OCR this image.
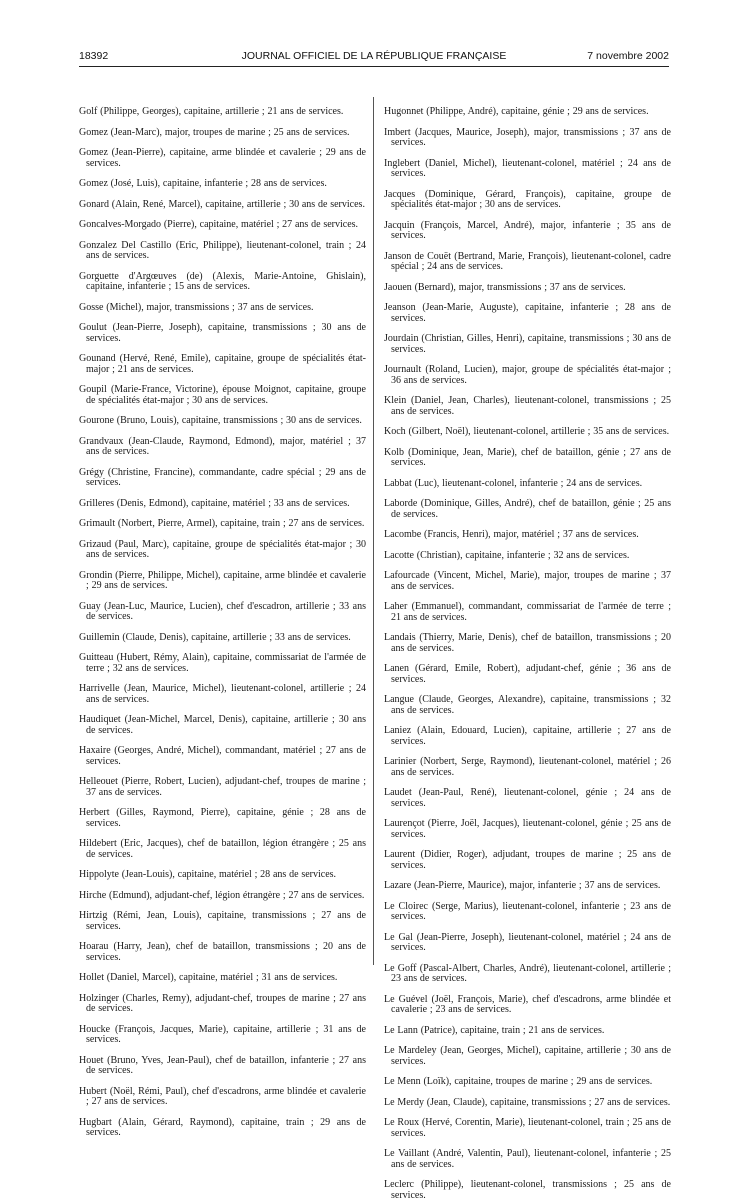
18392	JOURNAL OFFICIEL DE LA RÉPUBLIQUE FRANÇAISE	7 novembre 2002

Golf (Philippe, Georges), capitaine, artillerie ; 21 ans de services.

Gomez (Jean-Marc), major, troupes de marine ; 25 ans de services.

Gomez (Jean-Pierre), capitaine, arme blindée et cavalerie ; 29 ans de services.

Gomez (José, Luis), capitaine, infanterie ; 28 ans de services.

Gonard (Alain, René, Marcel), capitaine, artillerie ; 30 ans de services.

Goncalves-Morgado (Pierre), capitaine, matériel ; 27 ans de services.

Gonzalez Del Castillo (Eric, Philippe), lieutenant-colonel, train ; 24 ans de services.

Gorguette d'Argœuves (de) (Alexis, Marie-Antoine, Ghislain), capitaine, infanterie ; 15 ans de services.

Gosse (Michel), major, transmissions ; 37 ans de services.

Goulut (Jean-Pierre, Joseph), capitaine, transmissions ; 30 ans de services.

Gounand (Hervé, René, Emile), capitaine, groupe de spécialités état-major ; 21 ans de services.

Goupil (Marie-France, Victorine), épouse Moignot, capitaine, groupe de spécialités état-major ; 30 ans de services.

Gourone (Bruno, Louis), capitaine, transmissions ; 30 ans de services.

Grandvaux (Jean-Claude, Raymond, Edmond), major, matériel ; 37 ans de services.

Grégy (Christine, Francine), commandante, cadre spécial ; 29 ans de services.

Grilleres (Denis, Edmond), capitaine, matériel ; 33 ans de services.

Grimault (Norbert, Pierre, Armel), capitaine, train ; 27 ans de services.

Grizaud (Paul, Marc), capitaine, groupe de spécialités état-major ; 30 ans de services.

Grondin (Pierre, Philippe, Michel), capitaine, arme blindée et cavalerie ; 29 ans de services.

Guay (Jean-Luc, Maurice, Lucien), chef d'escadron, artillerie ; 33 ans de services.

Guillemin (Claude, Denis), capitaine, artillerie ; 33 ans de services.

Guitteau (Hubert, Rémy, Alain), capitaine, commissariat de l'armée de terre ; 32 ans de services.

Harrivelle (Jean, Maurice, Michel), lieutenant-colonel, artillerie ; 24 ans de services.

Haudiquet (Jean-Michel, Marcel, Denis), capitaine, artillerie ; 30 ans de services.

Haxaire (Georges, André, Michel), commandant, matériel ; 27 ans de services.

Helleouet (Pierre, Robert, Lucien), adjudant-chef, troupes de marine ; 37 ans de services.

Herbert (Gilles, Raymond, Pierre), capitaine, génie ; 28 ans de services.

Hildebert (Eric, Jacques), chef de bataillon, légion étrangère ; 25 ans de services.

Hippolyte (Jean-Louis), capitaine, matériel ; 28 ans de services.

Hirche (Edmund), adjudant-chef, légion étrangère ; 27 ans de services.

Hirtzig (Rémi, Jean, Louis), capitaine, transmissions ; 27 ans de services.

Hoarau (Harry, Jean), chef de bataillon, transmissions ; 20 ans de services.

Hollet (Daniel, Marcel), capitaine, matériel ; 31 ans de services.

Holzinger (Charles, Remy), adjudant-chef, troupes de marine ; 27 ans de services.

Houcke (François, Jacques, Marie), capitaine, artillerie ; 31 ans de services.

Houet (Bruno, Yves, Jean-Paul), chef de bataillon, infanterie ; 27 ans de services.

Hubert (Noël, Rémi, Paul), chef d'escadrons, arme blindée et cavalerie ; 27 ans de services.

Hugbart (Alain, Gérard, Raymond), capitaine, train ; 29 ans de services.

Hugonnet (Philippe, André), capitaine, génie ; 29 ans de services.

Imbert (Jacques, Maurice, Joseph), major, transmissions ; 37 ans de services.

Inglebert (Daniel, Michel), lieutenant-colonel, matériel ; 24 ans de services.

Jacques (Dominique, Gérard, François), capitaine, groupe de spécialités état-major ; 30 ans de services.

Jacquin (François, Marcel, André), major, infanterie ; 35 ans de services.

Janson de Couët (Bertrand, Marie, François), lieutenant-colonel, cadre spécial ; 24 ans de services.

Jaouen (Bernard), major, transmissions ; 37 ans de services.

Jeanson (Jean-Marie, Auguste), capitaine, infanterie ; 28 ans de services.

Jourdain (Christian, Gilles, Henri), capitaine, transmissions ; 30 ans de services.

Journault (Roland, Lucien), major, groupe de spécialités état-major ; 36 ans de services.

Klein (Daniel, Jean, Charles), lieutenant-colonel, transmissions ; 25 ans de services.

Koch (Gilbert, Noël), lieutenant-colonel, artillerie ; 35 ans de services.

Kolb (Dominique, Jean, Marie), chef de bataillon, génie ; 27 ans de services.

Labbat (Luc), lieutenant-colonel, infanterie ; 24 ans de services.

Laborde (Dominique, Gilles, André), chef de bataillon, génie ; 25 ans de services.

Lacombe (Francis, Henri), major, matériel ; 37 ans de services.

Lacotte (Christian), capitaine, infanterie ; 32 ans de services.

Lafourcade (Vincent, Michel, Marie), major, troupes de marine ; 37 ans de services.

Laher (Emmanuel), commandant, commissariat de l'armée de terre ; 21 ans de services.

Landais (Thierry, Marie, Denis), chef de bataillon, transmissions ; 20 ans de services.

Lanen (Gérard, Emile, Robert), adjudant-chef, génie ; 36 ans de services.

Langue (Claude, Georges, Alexandre), capitaine, transmissions ; 32 ans de services.

Laniez (Alain, Edouard, Lucien), capitaine, artillerie ; 27 ans de services.

Larinier (Norbert, Serge, Raymond), lieutenant-colonel, matériel ; 26 ans de services.

Laudet (Jean-Paul, René), lieutenant-colonel, génie ; 24 ans de services.

Laurençot (Pierre, Joël, Jacques), lieutenant-colonel, génie ; 25 ans de services.

Laurent (Didier, Roger), adjudant, troupes de marine ; 25 ans de services.

Lazare (Jean-Pierre, Maurice), major, infanterie ; 37 ans de services.

Le Cloirec (Serge, Marius), lieutenant-colonel, infanterie ; 23 ans de services.

Le Gal (Jean-Pierre, Joseph), lieutenant-colonel, matériel ; 24 ans de services.

Le Goff (Pascal-Albert, Charles, André), lieutenant-colonel, artillerie ; 23 ans de services.

Le Guével (Joël, François, Marie), chef d'escadrons, arme blindée et cavalerie ; 23 ans de services.

Le Lann (Patrice), capitaine, train ; 21 ans de services.

Le Mardeley (Jean, Georges, Michel), capitaine, artillerie ; 30 ans de services.

Le Menn (Loïk), capitaine, troupes de marine ; 29 ans de services.

Le Merdy (Jean, Claude), capitaine, transmissions ; 27 ans de services.

Le Roux (Hervé, Corentin, Marie), lieutenant-colonel, train ; 25 ans de services.

Le Vaillant (André, Valentin, Paul), lieutenant-colonel, infanterie ; 25 ans de services.

Leclerc (Philippe), lieutenant-colonel, transmissions ; 25 ans de services.
